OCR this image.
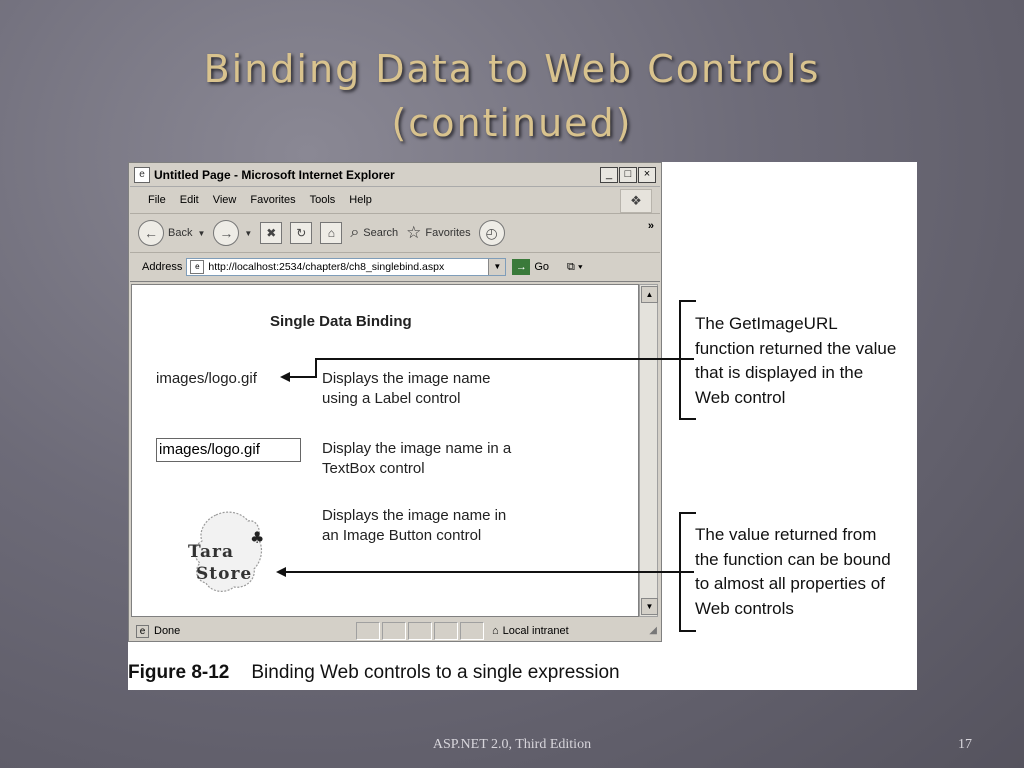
Binding Data to Web Controls
(continued)
e Untitled Page - Microsoft Internet Explorer	_	□	×
File Edit View Favorites Tools Help	❖
← Back ▼	→	▼	✖	↻	⌂ ⌕ Search ☆ Favorites	◴	»
Address	e http://localhost:2534/chapter8/ch8_singlebind.aspx	▼	→ Go ⧉ ▾
Single Data Binding
images/logo.gif	Displays the image name
using a Label control
images/logo.gif	Display the image name in a
TextBox control
Displays the image name in
an Image Button control
♣
Tara
Store
▲
▼
e Done	⌂ Local intranet	◢
The GetImageURL
function returned the value
that is displayed in the
Web control
The value returned from
the function can be bound
to almost all properties of
Web controls
Figure 8-12 Binding Web controls to a single expression
ASP.NET 2.0, Third Edition	17
